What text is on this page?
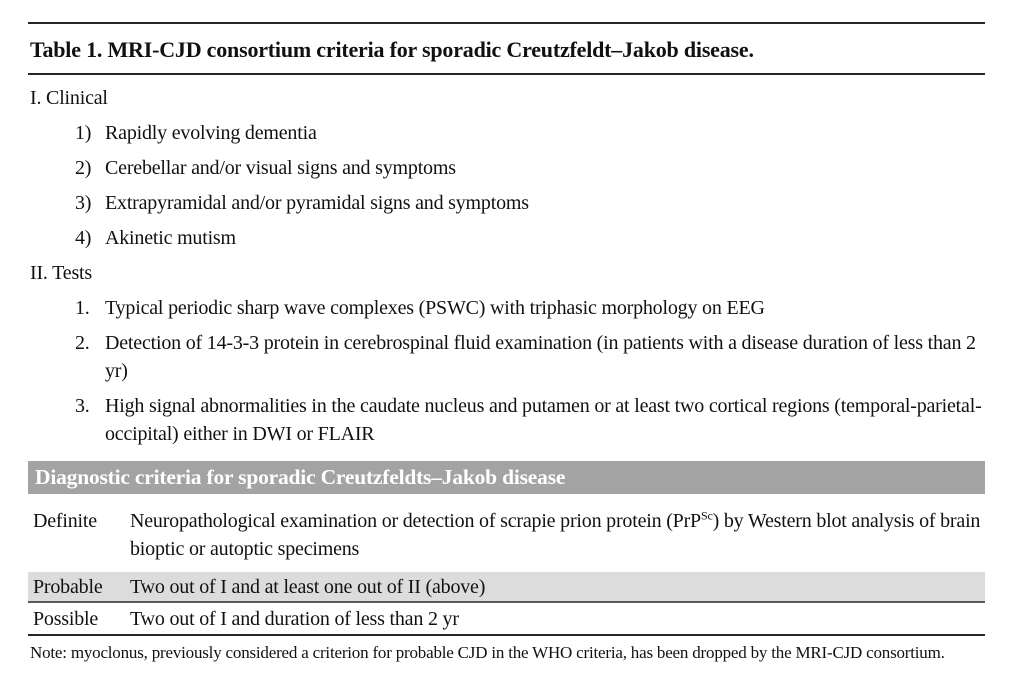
Table 1. MRI-CJD consortium criteria for sporadic Creutzfeldt–Jakob disease.
I. Clinical
1) Rapidly evolving dementia
2) Cerebellar and/or visual signs and symptoms
3) Extrapyramidal and/or pyramidal signs and symptoms
4) Akinetic mutism
II. Tests
1. Typical periodic sharp wave complexes (PSWC) with triphasic morphology on EEG
2. Detection of 14-3-3 protein in cerebrospinal fluid examination (in patients with a disease duration of less than 2 yr)
3. High signal abnormalities in the caudate nucleus and putamen or at least two cortical regions (temporal-parietal-occipital) either in DWI or FLAIR
Diagnostic criteria for sporadic Creutzfeldts–Jakob disease
Definite	Neuropathological examination or detection of scrapie prion protein (PrP$^{Sc}$) by Western blot analysis of brain bioptic or autoptic specimens
Probable	Two out of I and at least one out of II (above)
Possible	Two out of I and duration of less than 2 yr
Note: myoclonus, previously considered a criterion for probable CJD in the WHO criteria, has been dropped by the MRI-CJD consortium.
